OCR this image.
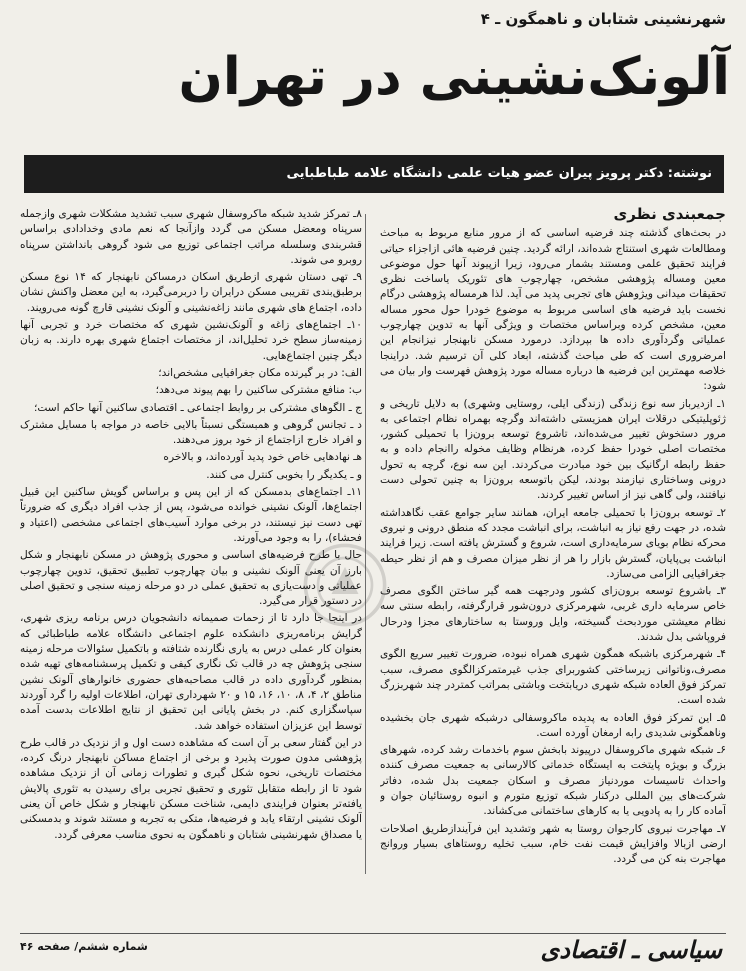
شهرنشینی شتابان و ناهمگون ـ ۴
آلونک‌نشینی در تهران
نوشته: دکتر پرویز پیران عضو هیات علمی دانشگاه علامه طباطبایی
جمعبندی نظری

در بحث‌های گذشته چند فرضیه اساسی که از مرور منابع مربوط به مباحث ومطالعات شهری استنتاج شده‌اند، ارائه گردید. چنین فرضیه هائی ازاجزاء حیاتی فرایند تحقیق علمی ومستند بشمار می‌رود، زیرا ازپیوند آنها حول موضوعی معین ومساله پژوهشی مشخص، چهارچوب های تئوریک یاساخت نظری تحقیقات میدانی ویژوهش های تجربی پدید می آید. لذا هرمساله پژوهشی درگام نخست باید فرضیه های اساسی مربوط به موضوع خودرا حول محور مساله معین، مشخص کرده وبراساس مختصات و ویژگی آنها به تدوین چهارچوب عملیاتی وگردآوری داده ها بپردازد. درمورد مسکن نابهنجار نیزانجام این امرضروری است که طی مباحث گذشته، ابعاد کلی آن ترسیم شد. دراینجا خلاصه مهمترین این فرضیه ها درباره مساله مورد پژوهش فهرست وار بیان می شود:

۱ـ ازدیرباز سه نوع زندگی (زندگی ایلی، روستایی وشهری) به دلایل تاریخی و ژئوپلیتیکی درقلات ایران همزیستی داشته‌اند وگرچه بهمراه نظام اجتماعی به مرور دستخوش تغییر می‌شده‌اند، تاشروع توسعه برون‌زا با تحمیلی کشور، مختصات اصلی خودرا حفظ کرده، هرنظام وظایف مخوله راانجام داده و به حفظ رابطه ارگانیک بین خود مبادرت می‌کردند. این سه نوع، گرچه به تحول درونی وساختاری نیازمند بودند، لیکن باتوسعه برون‌زا به چنین تحولی دست نیافتند، ولی گاهی نیز از اساس تغییر کردند.

۲ـ توسعه برون‌زا با تحمیلی جامعه ایران، همانند سایر جوامع عقب نگاهداشته شده، در جهت رفع نیاز به انباشت، برای انباشت مجدد که منطق درونی و نیروی محرکه نظام بویای سرمایه‌داری است، شروع و گسترش یافته است. زیرا فرایند انباشت بی‌پایان، گسترش بازار را هر از نظر میزان مصرف و هم از نظر حیطه جغرافیایی الزامی می‌سازد.

۳ـ باشروع توسعه برون‌زای کشور ودرجهت همه گیر ساختن الگوی مصرف خاص سرمایه داری غربی، شهرمرکزی درون‌شور قرارگرفته، رابطه سنتی سه نظام معیشتی موردبحث گسیخته، وایل وروستا به ساختارهای مجزا ودرحال فروپاشی بدل شدند.

۴ـ شهرمرکزی باشبکه همگون شهری همراه نبوده، ضرورت تغییر سریع الگوی مصرف،وناتوانی زیرساختی کشوربرای جذب غیرمتمرکزالگوی مصرف، سبب تمرکز فوق العاده شبکه شهری دریابتخت وباشتی بمراتب کمتردر چند شهربزرگ شده است.

۵ـ این تمرکز فوق العاده به پدیده ماکروسفالی درشبکه شهری جان بخشیده وناهمگونی شدیدی رابه ارمغان آورده است.

۶ـ شبکه شهری ماکروسفال درپیوند بابخش سوم باخدمات رشد کرده، شهرهای بزرگ و بویژه پایتخت به ایستگاه خدماتی کالارسانی به جمعیت مصرف کننده واحداث تاسیسات موردنیاز مصرف و اسکان جمعیت بدل شده، دفاتر شرکت‌های بین المللی درکنار شبکه توزیع متورم و انبوه روستائیان جوان و آماده کار را به پادویی یا به کارهای ساختمانی می‌کشاند.

۷ـ مهاجرت نیروی کارجوان روستا به شهر وتشدید این فرآیندازطریق اصلاحات ارضی ازبالا وافزایش قیمت نفت خام، سبب تخلیه روستاهای بسیار وروانج مهاجرت بنه کن می گردد.

۸ـ تمرکز شدید شبکه ماکروسفال شهری سبب تشدید مشکلات شهری وازجمله سرپناه ومعضل مسکن می گردد وازآنجا که نعم مادی وخدادادی براساس قشربندی وسلسله مراتب اجتماعی توزیع می شود گروهی بانداشتن سرپناه روبرو می شوند.

۹ـ تهی دستان شهری ازطریق اسکان درمساکن نابهنجار که ۱۴ نوع مسکن برطبق‌بندی تقریبی مسکن درایران را دربرمی‌گیرد، به این معضل واکنش نشان داده، اجتماع های شهری مانند زاغه‌نشینی و آلونک نشینی قارچ گونه می‌رویند.

۱۰ـ اجتماع‌های زاغه و آلونک‌نشین شهری که مختصات خرد و تجربی آنها زمینه‌ساز سطح خرد تحلیل‌اند، از مختصات اجتماع شهری بهره دارند. به زبان دیگر چنین اجتماع‌هایی.

الف: در بر گیرنده مکان جغرافیایی مشخص‌اند؛

ب: منافع مشترکی ساکنین را بهم پیوند می‌دهد؛

ج ـ الگوهای مشترکی بر روابط اجتماعی ـ اقتصادی ساکنین آنها حاکم است؛

د ـ تجانس گروهی و همبستگی نسبتاً بالایی خاصه در مواجه با مسایل مشترک و افراد خارج ازاجتماع از خود بروز می‌دهند.

هـ نهادهایی خاص خود پدید آورده‌اند، و بالاخره

و ـ یکدیگر را بخوبی کنترل می کنند.

۱۱ـ اجتماع‌های بدمسکن که از این پس و براساس گویش ساکنین این قبیل اجتماع‌ها، آلونک نشینی خوانده می‌شود، پس از جذب افراد دیگری که ضرورتاً تهی دست نیز نیستند، در برخی موارد آسیب‌های اجتماعی مشخصی (اعتیاد و فحشاء)، را به وجود می‌آورند.

حال با طرح فرضیه‌های اساسی و محوری پژوهش در مسکن نابهنجار و شکل بارز آن یعنی آلونک نشینی و بیان چهارچوب تطبیق تحقیق، تدوین چهارچوب عملیاتی و دست‌یازی به تحقیق عملی در دو مرحله زمینه‌ سنجی و تحقیق اصلی در دستور قرار می‌گیرد.

در اینجا جا دارد تا از زحمات صمیمانه دانشجویان درس برنامه ریزی شهری، گرایش برنامه‌ریزی دانشکده علوم اجتماعی دانشگاه علامه طباطبائی که بعنوان کار عملی درس به یاری نگارنده شتافته و باتکمیل سئوالات مرحله زمینه سنجی پژوهش چه در قالب تک نگاری کیفی و تکمیل پرسشنامه‌های تهیه شده بمنظور گردآوری داده در قالب مصاحبه‌های حضوری خانوارهای آلونک نشین مناطق ۲، ۴، ۸، ۱۰، ۱۶، ۱۵ و ۲۰ شهرداری تهران، اطلاعات اولیه را گرد آوردند سپاسگزاری کنم. در بخش پایانی این تحقیق از نتایج اطلاعات بدست آمده توسط این عزیزان استفاده خواهد شد.

در این گفتار سعی بر آن است که مشاهده دست اول و از نزدیک در قالب طرح پژوهشی مدون صورت پذیرد و برخی از اجتماع مساکن نابهنجار درنگ کرده، مختصات تاریخی، نحوه شکل گیری و تطورات زمانی آن از نزدیک مشاهده شود تا از رابطه متقابل تئوری و تحقیق تجربی برای رسیدن به تئوری پالایش یافته‌تر بعنوان فرایندی دایمی، شناخت مسکن نابهنجار و شکل خاص آن یعنی آلونک نشینی ارتقاء یابد و فرضیه‌ها، متکی به تجربه و مستند شوند و بدمسکنی یا مصداق شهرنشینی شتابان و ناهمگون به نحوی مناسب معرفی گردد.

شماره ششم/ صفحه ۴۶	سیاسی ـ اقتصادی
